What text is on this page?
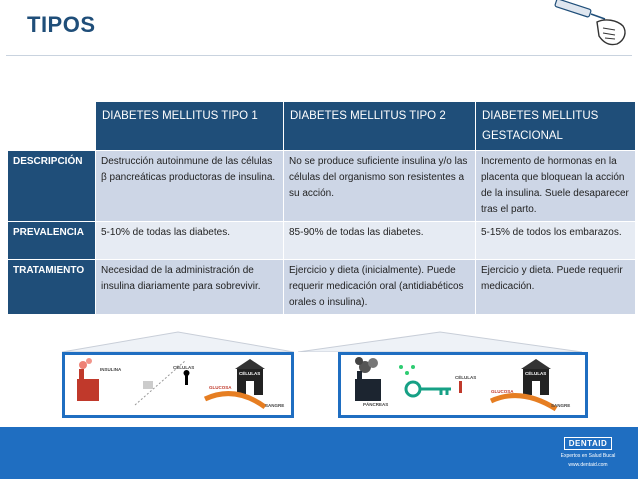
TIPOS
	DIABETES MELLITUS TIPO 1	DIABETES MELLITUS TIPO 2	DIABETES MELLITUS GESTACIONAL
DESCRIPCIÓN	Destrucción autoinmune de las células β pancreáticas productoras de insulina.	No se produce suficiente insulina y/o las células del organismo son resistentes a su acción.	Incremento de hormonas en la placenta que bloquean la acción de la insulina. Suele desaparecer tras el parto.
PREVALENCIA	5-10% de todas las diabetes.	85-90% de todas las diabetes.	5-15% de todos los embarazos.
TRATAMIENTO	Necesidad de la administración de insulina diariamente para sobrevivir.	Ejercicio y dieta (inicialmente). Puede requerir medicación oral (antidiabéticos orales o insulina).	Ejercicio y dieta. Puede requerir medicación.
PÁNCREAS
INSULINA	CÉLULAS
CÉLULAS
GLUCOSA
SANGRE	PÁNCREAS
CÉLULAS
CÉLULAS
GLUCOSA
SANGRE
DENTAID
Expertos en Salud Bucal
www.dentaid.com
